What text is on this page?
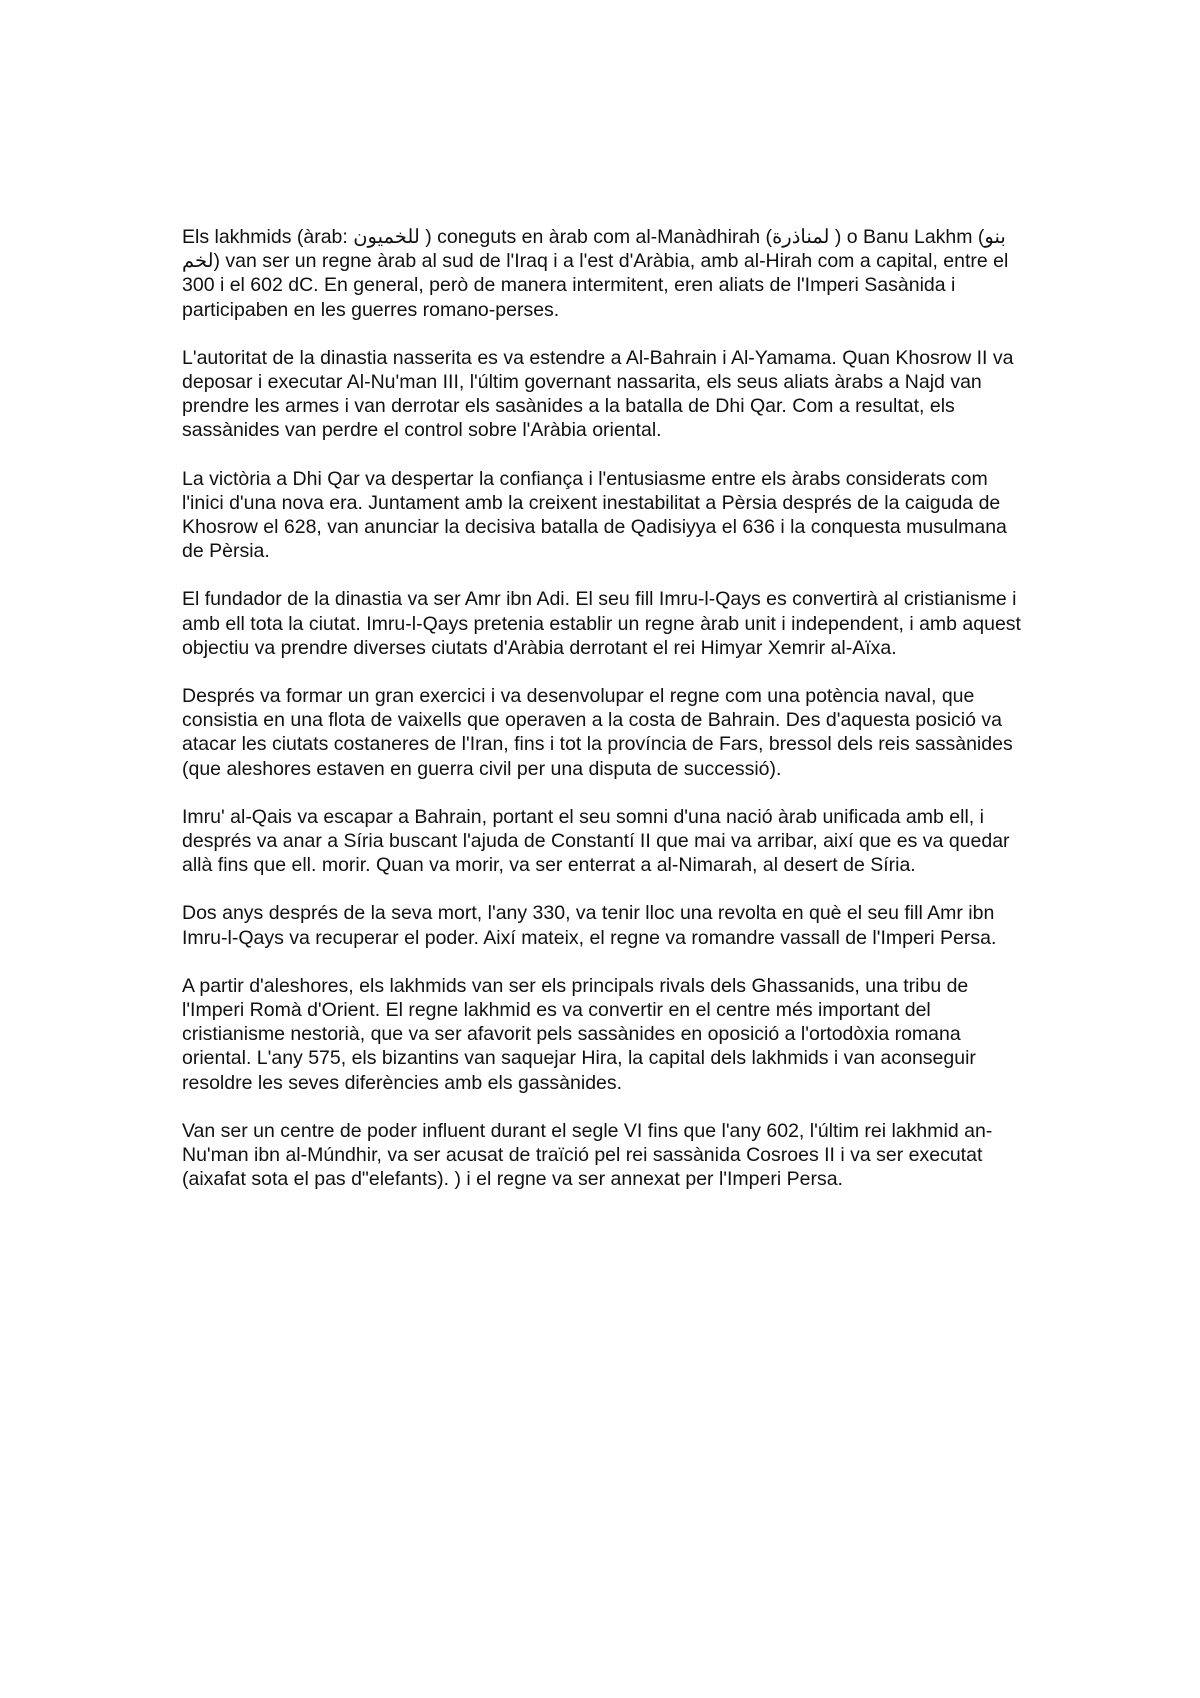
Els lakhmids (àrab: للخميون ) coneguts en àrab com al-Manàdhirah (لمناذرة ) o Banu Lakhm (بنو لخم) van ser un regne àrab al sud de l'Iraq i a l'est d'Aràbia, amb al-Hirah com a capital, entre el 300 i el 602 dC. En general, però de manera intermitent, eren aliats de l'Imperi Sasànida i participaben en les guerres romano-perses.

L'autoritat de la dinastia nasserita es va estendre a Al-Bahrain i Al-Yamama. Quan Khosrow II va deposar i executar Al-Nu'man III, l'últim governant nassarita, els seus aliats àrabs a Najd van prendre les armes i van derrotar els sasànides a la batalla de Dhi Qar. Com a resultat, els sassànides van perdre el control sobre l'Aràbia oriental.

La victòria a Dhi Qar va despertar la confiança i l'entusiasme entre els àrabs considerats com l'inici d'una nova era. Juntament amb la creixent inestabilitat a Pèrsia després de la caiguda de Khosrow el 628, van anunciar la decisiva batalla de Qadisiyya el 636 i la conquesta musulmana de Pèrsia.

El fundador de la dinastia va ser Amr ibn Adi. El seu fill Imru-l-Qays es convertirà al cristianisme i amb ell tota la ciutat. Imru-l-Qays pretenia establir un regne àrab unit i independent, i amb aquest objectiu va prendre diverses ciutats d'Aràbia derrotant el rei Himyar Xemrir al-Aïxa.

Després va formar un gran exercici i va desenvolupar el regne com una potència naval, que consistia en una flota de vaixells que operaven a la costa de Bahrain. Des d'aquesta posició va atacar les ciutats costaneres de l'Iran, fins i tot la província de Fars, bressol dels reis sassànides (que aleshores estaven en guerra civil per una disputa de successió).

Imru' al-Qais va escapar a Bahrain, portant el seu somni d'una nació àrab unificada amb ell, i després va anar a Síria buscant l'ajuda de Constantí II que mai va arribar, així que es va quedar allà fins que ell. morir. Quan va morir, va ser enterrat a al-Nimarah, al desert de Síria.

Dos anys després de la seva mort, l'any 330, va tenir lloc una revolta en què el seu fill Amr ibn Imru-l-Qays va recuperar el poder. Així mateix, el regne va romandre vassall de l'Imperi Persa.

A partir d'aleshores, els lakhmids van ser els principals rivals dels Ghassanids, una tribu de l'Imperi Romà d'Orient. El regne lakhmid es va convertir en el centre més important del cristianisme nestorià, que va ser afavorit pels sassànides en oposició a l'ortodòxia romana oriental. L'any 575, els bizantins van saquejar Hira, la capital dels lakhmids i van aconseguir resoldre les seves diferències amb els gassànides.

Van ser un centre de poder influent durant el segle VI fins que l'any 602, l'últim rei lakhmid an-Nu'man ibn al-Múndhir, va ser acusat de traïció pel rei sassànida Cosroes II i va ser executat (aixafat sota el pas d"elefants). ) i el regne va ser annexat per l'Imperi Persa.
